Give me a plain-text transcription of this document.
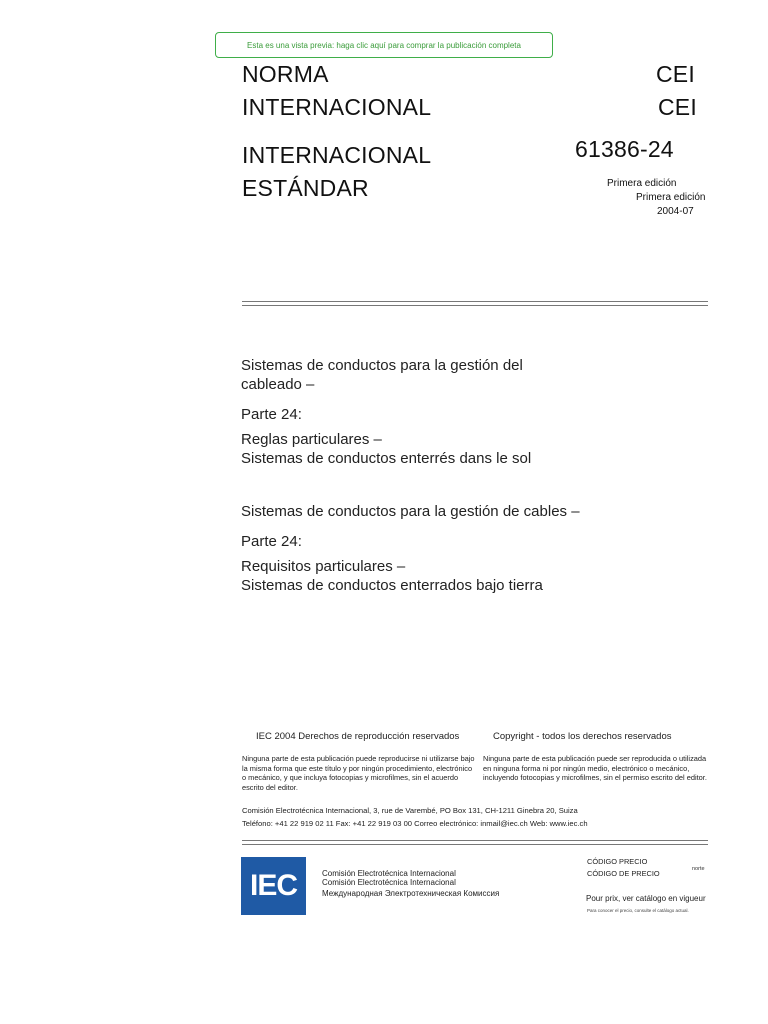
Esta es una vista previa: haga clic aquí para comprar la publicación completa
NORMA
INTERNACIONAL
INTERNACIONAL
ESTÁNDAR
CEI
CEI
61386-24
Primera edición
Primera edición
2004-07
Sistemas de conductos para la gestión del
cableado –
Parte 24:
Reglas particulares –
Sistemas de conductos enterrés dans le sol
Sistemas de conductos para la gestión de cables –
Parte 24:
Requisitos particulares –
Sistemas de conductos enterrados bajo tierra
IEC 2004 Derechos de reproducción reservados	Copyright - todos los derechos reservados
Ninguna parte de esta publicación puede reproducirse ni utilizarse bajo la misma forma que este título y por ningún procedimiento, electrónico o mecánico, y que incluya fotocopias y microfilmes, sin el acuerdo escrito del editor.
Ninguna parte de esta publicación puede ser reproducida o utilizada en ninguna forma ni por ningún medio, electrónico o mecánico, incluyendo fotocopias y microfilmes, sin el permiso escrito del editor.
Comisión Electrotécnica Internacional, 3, rue de Varembé, PO Box 131, CH-1211 Ginebra 20, Suiza
Teléfono: +41 22 919 02 11 Fax: +41 22 919 03 00 Correo electrónico: inmail@iec.ch Web: www.iec.ch
IEC	Comisión Electrotécnica Internacional
Comisión Electrotécnica Internacional
Международная Электротехническая Комиссия
CÓDIGO PRECIO
CÓDIGO DE PRECIO	norte
Pour prix, ver catálogo en vigueur
Para conocer el precio, consulte el catálogo actual.
